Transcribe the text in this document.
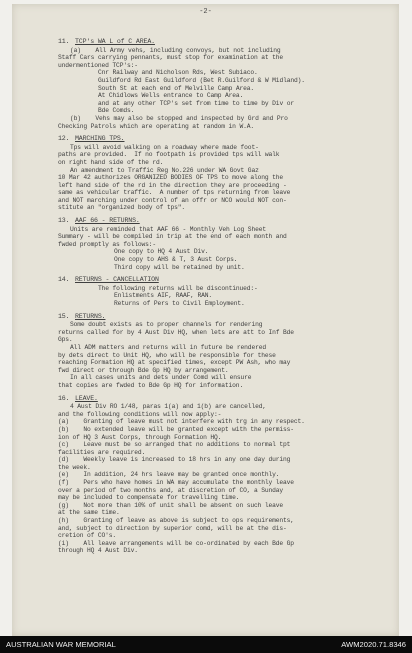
-2-
11. TCP's WA L of C AREA.
(a)    All Army vehs, including convoys, but not including
Staff Cars carrying pennants, must stop for examination at the
undermentioned TCP's:-
Cnr Railway and Nicholson Rds, West Subiaco.
Guildford Rd East Guildford (Bet R.Guilford & W Midland).
South St at each end of Melville Camp Area.
At Chidlows Wells entrance to Camp Area.
and at any other TCP's set from time to time by Div or
Bde Comds.
(b)    Vehs may also be stopped and inspected by Grd and Pro
Checking Patrols which are operating at random in W.A.
12. MARCHING TPS.
Tps will avoid walking on a roadway where made foot-
paths are provided.  If no footpath is provided tps will walk
on right hand side of the rd.
An amendment to Traffic Reg No.226 under WA Govt Gaz
10 Mar 42 authorizes ORGANIZED BODIES OF TPS to move along the
left hand side of the rd in the direction they are proceeding -
same as vehicular traffic.  A number of tps returning from leave
and NOT marching under control of an offr or NCO would NOT con-
stitute an "organized body of tps".
13. AAF 66 - RETURNS.
Units are reminded that AAF 66 - Monthly Veh Log Sheet
Summary - will be compiled in trip at the end of each month and
fwded promptly as follows:-
One copy to HQ 4 Aust Div.
One copy to AHS & T, 3 Aust Corps.
Third copy will be retained by unit.
14. RETURNS - CANCELLATION
The following returns will be discontinued:-
Enlistments AIF, RAAF, RAN.
Returns of Pers to Civil Employment.
15. RETURNS.
Some doubt exists as to proper channels for rendering
returns called for by 4 Aust Div HQ, when lets are att to Inf Bde
Gps.
All ADM matters and returns will in future be rendered
by dets direct to Unit HQ, who will be responsible for these
reaching Formation HQ at specified times, except PW Ash, who may
fwd direct or through Bde Gp HQ by arrangement.
In all cases units and dets under Comd will ensure
that copies are fwded to Bde Gp HQ for information.
16. LEAVE.
4 Aust Div RO 1/48, paras 1(a) and 1(b) are cancelled,
and the following conditions will now apply:-
(a)    Granting of leave must not interfere with trg in any respect.
(b)    No extended leave will be granted except with the permiss-
ion of HQ 3 Aust Corps, through Formation HQ.
(c)    Leave must be so arranged that no additions to normal tpt
facilities are required.
(d)    Weekly leave is increased to 18 hrs in any one day during
the week.
(e)    In addition, 24 hrs leave may be granted once monthly.
(f)    Pers who have homes in WA may accumulate the monthly leave
over a period of two months and, at discretion of CO, a Sunday
may be included to compensate for travelling time.
(g)    Not more than 10% of unit shall be absent on such leave
at the same time.
(h)    Granting of leave as above is subject to ops requirements,
and, subject to direction by superior comd, will be at the dis-
cretion of CO's.
(i)    All leave arrangements will be co-ordinated by each Bde Gp
through HQ 4 Aust Div.
AUSTRALIAN WAR MEMORIAL	AWM2020.71.8346
